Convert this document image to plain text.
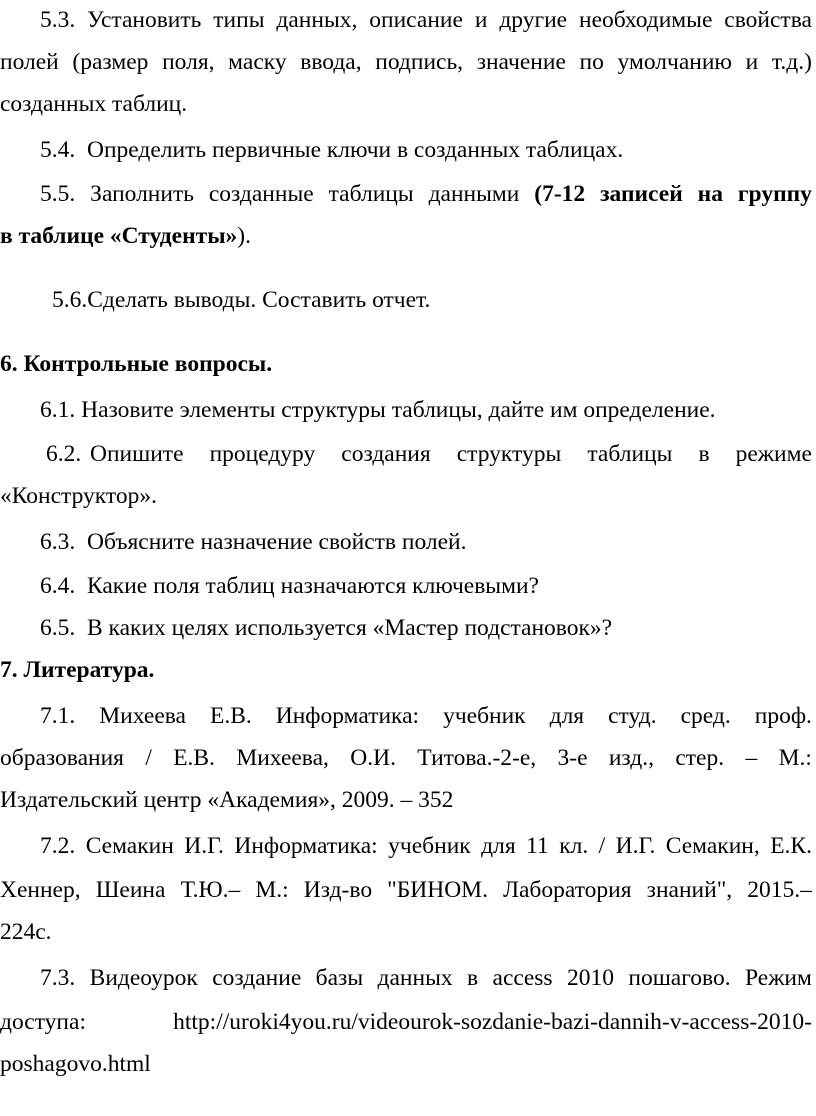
5.3. Установить типы данных, описание и другие необходимые свойства
полей (размер поля, маску ввода, подпись, значение по умолчанию и т.д.)
созданных таблиц.
5.4. Определить первичные ключи в созданных таблицах.
5.5. Заполнить созданные таблицы данными (7-12 записей на группу
в таблице «Студенты»).
5.6.Сделать выводы. Составить отчет.
6. Контрольные вопросы.
6.1. Назовите элементы структуры таблицы, дайте им определение.
6.2. Опишите процедуру создания структуры таблицы в режиме
«Конструктор».
6.3. Объясните назначение свойств полей.
6.4. Какие поля таблиц назначаются ключевыми?
6.5. В каких целях используется «Мастер подстановок»?
7. Литература.
7.1. Михеева Е.В. Информатика: учебник для студ. сред. проф.
образования / Е.В. Михеева, О.И. Титова.-2-е, 3-е изд., стер. – М.:
Издательский центр «Академия», 2009. – 352
7.2. Семакин И.Г. Информатика: учебник для 11 кл. / И.Г. Семакин, Е.К.
Хеннер, Шеина Т.Ю.– М.: Изд-во "БИНОМ. Лаборатория знаний", 2015.–
224с.
7.3. Видеоурок создание базы данных в access 2010 пошагово. Режим
доступа:	http://uroki4you.ru/videourok-sozdanie-bazi-dannih-v-access-2010-
poshagovo.html
